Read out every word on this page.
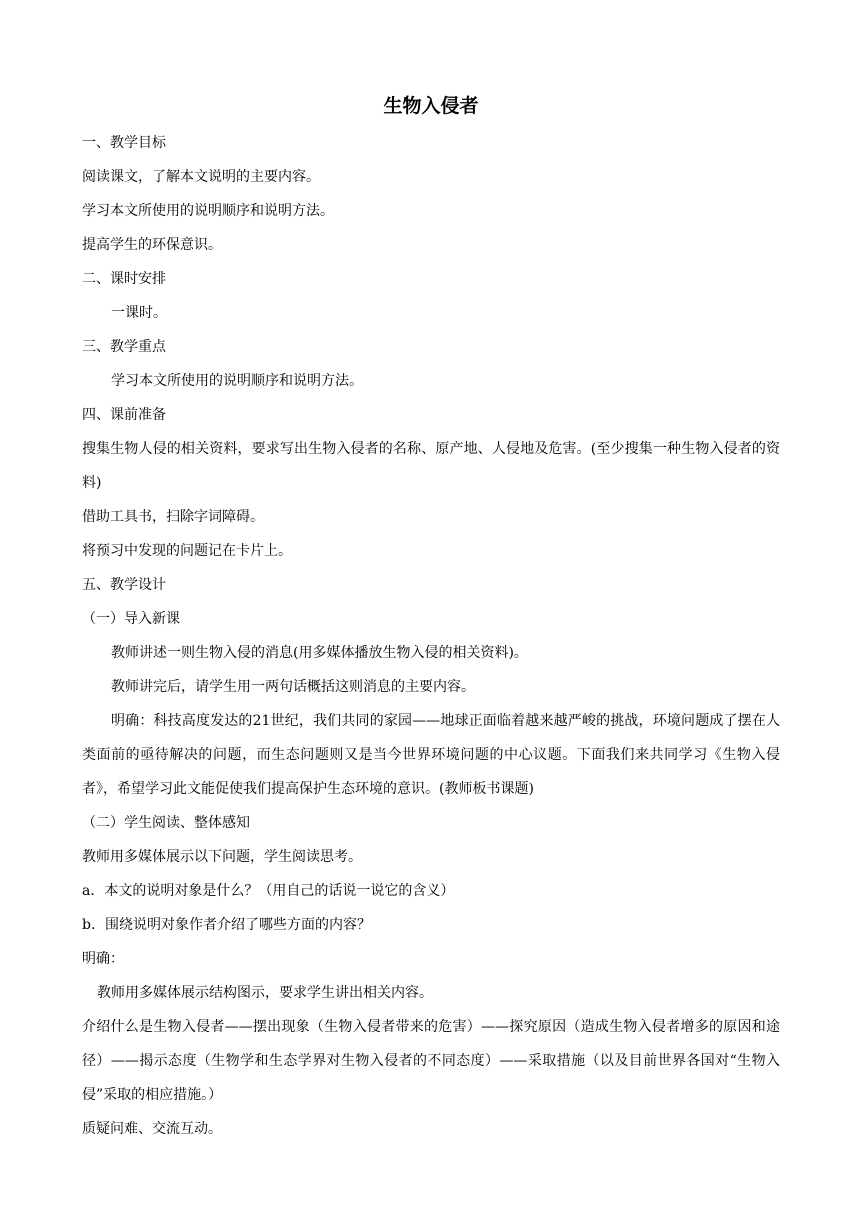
生物入侵者

一、教学目标

阅读课文，了解本文说明的主要内容。

学习本文所使用的说明顺序和说明方法。

提高学生的环保意识。

二、课时安排

一课时。

三、教学重点

学习本文所使用的说明顺序和说明方法。

四、课前准备

搜集生物人侵的相关资料，要求写出生物入侵者的名称、原产地、人侵地及危害。(至少搜集一种生物入侵者的资料)

借助工具书，扫除字词障碍。

将预习中发现的问题记在卡片上。

五、教学设计

（一）导入新课

教师讲述一则生物入侵的消息(用多媒体播放生物入侵的相关资料)。

教师讲完后，请学生用一两句话概括这则消息的主要内容。

明确：科技高度发达的21世纪，我们共同的家园——地球正面临着越来越严峻的挑战，环境问题成了摆在人类面前的亟待解决的问题，而生态问题则又是当今世界环境问题的中心议题。下面我们来共同学习《生物入侵者》，希望学习此文能促使我们提高保护生态环境的意识。(教师板书课题)

（二）学生阅读、整体感知

教师用多媒体展示以下问题，学生阅读思考。

a．本文的说明对象是什么？（用自己的话说一说它的含义）

b．围绕说明对象作者介绍了哪些方面的内容？

明确：

教师用多媒体展示结构图示，要求学生讲出相关内容。

介绍什么是生物入侵者——摆出现象（生物入侵者带来的危害）——探究原因（造成生物入侵者增多的原因和途径）——揭示态度（生物学和生态学界对生物入侵者的不同态度）——采取措施（以及目前世界各国对“生物入侵”采取的相应措施。）

质疑问难、交流互动。
